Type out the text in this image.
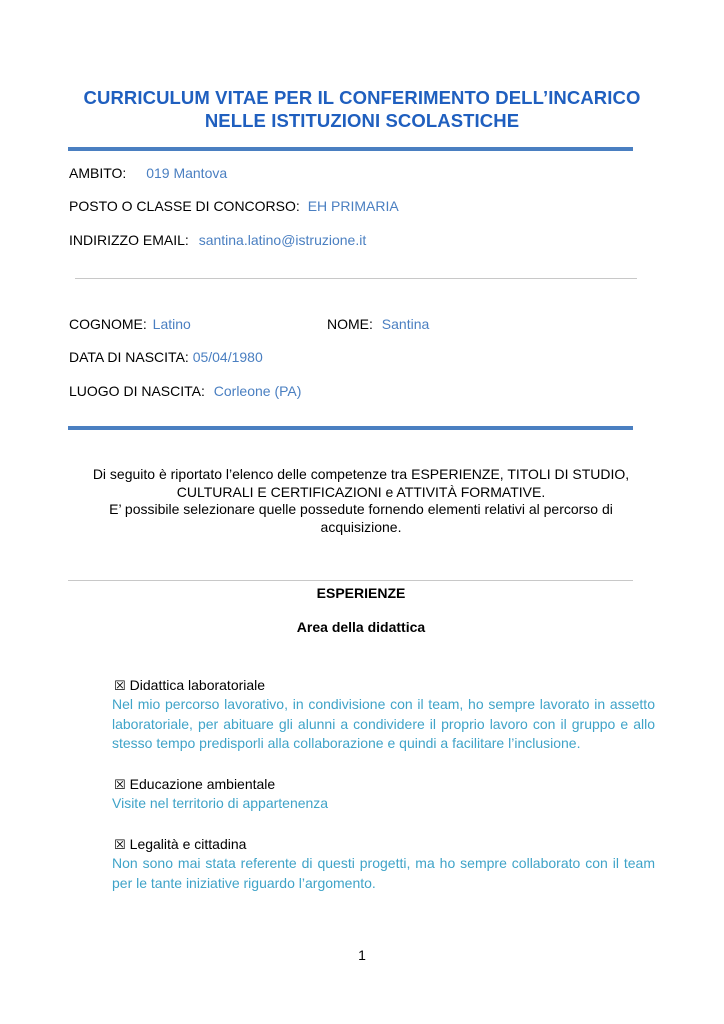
CURRICULUM VITAE PER IL CONFERIMENTO DELL’INCARICO
NELLE ISTITUZIONI SCOLASTICHE
AMBITO: 019 Mantova
POSTO O CLASSE DI CONCORSO: EH PRIMARIA
INDIRIZZO EMAIL: santina.latino@istruzione.it
COGNOME: Latino	NOME: Santina
DATA DI NASCITA: 05/04/1980
LUOGO DI NASCITA: Corleone (PA)
Di seguito è riportato l’elenco delle competenze tra ESPERIENZE, TITOLI DI STUDIO,
CULTURALI E CERTIFICAZIONI e ATTIVITÀ FORMATIVE.
E’ possibile selezionare quelle possedute fornendo elementi relativi al percorso di
acquisizione.
ESPERIENZE
Area della didattica
☒ Didattica laboratoriale
Nel mio percorso lavorativo, in condivisione con il team, ho sempre lavorato in assetto laboratoriale, per abituare gli alunni a condividere il proprio lavoro con il gruppo e allo stesso tempo predisporli alla collaborazione e quindi a facilitare l’inclusione.
☒ Educazione ambientale
Visite nel territorio di appartenenza
☒ Legalità e cittadina
Non sono mai stata referente di questi progetti, ma ho sempre collaborato con il team per le tante iniziative riguardo l’argomento.
1
